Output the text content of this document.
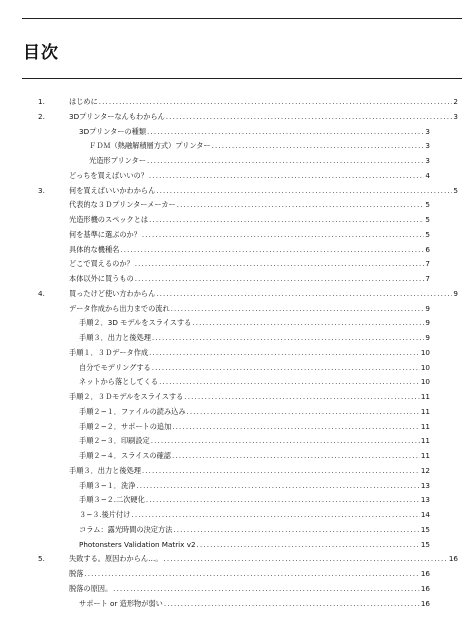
目次
1.	はじめに .....	2
2.	3Dプリンターなんもわからん .....	3
3Dプリンターの種類 .....	3
ＦＤＭ（熱融解積層方式）プリンター .....	3
光造形プリンター .....	3
どっちを買えばいいの？ .....	4
3.	何を買えばいいかわからん .....	5
代表的な３Ｄプリンターメーカー .....	5
光造形機のスペックとは .....	5
何を基準に選ぶのか？ .....	5
具体的な機種名 .....	6
どこで買えるのか？ .....	7
本体以外に買うもの .....	7
4.	買ったけど使い方わからん .....	9
データ作成から出力までの流れ .....	9
手順２．3D モデルをスライスする .....	9
手順３．出力と後処理 .....	9
手順１．３Ｄデータ作成 .....	10
自分でモデリングする .....	10
ネットから落としてくる .....	10
手順２．３Ｄモデルをスライスする .....	11
手順２−１．ファイルの読み込み .....	11
手順２−２．サポートの追加 .....	11
手順２−３．印刷設定 .....	11
手順２−４．スライスの確認 .....	11
手順３．出力と後処理 .....	12
手順３−１．洗浄 .....	13
手順３−２.二次硬化 .....	13
３−３.後片付け .....	14
コラム：露光時間の決定方法 .....	15
Photonsters Validation Matrix v2 .....	15
5.	失敗する。原因わからん…。 .....	16
脱落 .....	16
脱落の原因。 .....	16
サポート or 造形物が弱い .....	16
